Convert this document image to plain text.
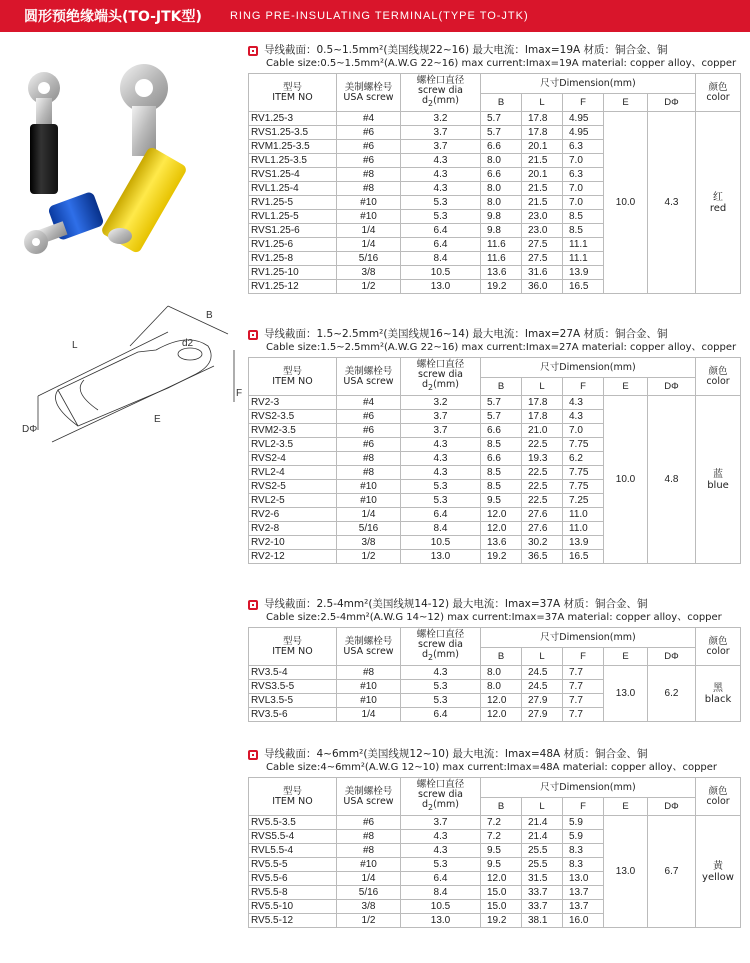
圆形预绝缘端头(TO-JTK型)	RING PRE-INSULATING TERMINAL(TYPE TO-JTK)
B
d2
L
F
E
DΦ
导线截面：0.5~1.5mm²(美国线规22~16) 最大电流：Imax=19A 材质：铜合金、铜
Cable size:0.5~1.5mm²(A.W.G 22~16) max current:Imax=19A material: copper alloy、copper
型号
ITEM NO	美制螺栓号
USA screw	螺栓口直径
screw dia
$d_2(mm)$	尺寸Dimension(mm)					颜色
color
			B	L	F	E	DΦ	
RV1.25-3	#4	3.2	5.7	17.8	4.95	10.0	4.3	红
red
RVS1.25-3.5	#6	3.7	5.7	17.8	4.95			
RVM1.25-3.5	#6	3.7	6.6	20.1	6.3			
RVL1.25-3.5	#6	4.3	8.0	21.5	7.0			
RVS1.25-4	#8	4.3	6.6	20.1	6.3			
RVL1.25-4	#8	4.3	8.0	21.5	7.0			
RV1.25-5	#10	5.3	8.0	21.5	7.0			
RVL1.25-5	#10	5.3	9.8	23.0	8.5			
RVS1.25-6	1/4	6.4	9.8	23.0	8.5			
RV1.25-6	1/4	6.4	11.6	27.5	11.1			
RV1.25-8	5/16	8.4	11.6	27.5	11.1			
RV1.25-10	3/8	10.5	13.6	31.6	13.9			
RV1.25-12	1/2	13.0	19.2	36.0	16.5			
导线截面：1.5~2.5mm²(美国线规16~14) 最大电流：Imax=27A 材质：铜合金、铜
Cable size:1.5~2.5mm²(A.W.G 22~16) max current:Imax=27A material: copper alloy、copper
型号
ITEM NO	美制螺栓号
USA screw	螺栓口直径
screw dia
$d_2(mm)$	尺寸Dimension(mm)					颜色
color
			B	L	F	E	DΦ	
RV2-3	#4	3.2	5.7	17.8	4.3	10.0	4.8	蓝
blue
RVS2-3.5	#6	3.7	5.7	17.8	4.3			
RVM2-3.5	#6	3.7	6.6	21.0	7.0			
RVL2-3.5	#6	4.3	8.5	22.5	7.75			
RVS2-4	#8	4.3	6.6	19.3	6.2			
RVL2-4	#8	4.3	8.5	22.5	7.75			
RVS2-5	#10	5.3	8.5	22.5	7.75			
RVL2-5	#10	5.3	9.5	22.5	7.25			
RV2-6	1/4	6.4	12.0	27.6	11.0			
RV2-8	5/16	8.4	12.0	27.6	11.0			
RV2-10	3/8	10.5	13.6	30.2	13.9			
RV2-12	1/2	13.0	19.2	36.5	16.5			
导线截面：2.5-4mm²(美国线规14-12) 最大电流：Imax=37A 材质：铜合金、铜
Cable size:2.5-4mm²(A.W.G 14~12) max current:Imax=37A material: copper alloy、copper
型号
ITEM NO	美制螺栓号
USA screw	螺栓口直径
screw dia
$d_2(mm)$	尺寸Dimension(mm)					颜色
color
			B	L	F	E	DΦ	
RV3.5-4	#8	4.3	8.0	24.5	7.7	13.0	6.2	黑
black
RVS3.5-5	#10	5.3	8.0	24.5	7.7			
RVL3.5-5	#10	5.3	12.0	27.9	7.7			
RV3.5-6	1/4	6.4	12.0	27.9	7.7			
导线截面：4~6mm²(美国线规12~10) 最大电流：Imax=48A 材质：铜合金、铜
Cable size:4~6mm²(A.W.G 12~10) max current:Imax=48A material: copper alloy、copper
型号
ITEM NO	美制螺栓号
USA screw	螺栓口直径
screw dia
$d_2(mm)$	尺寸Dimension(mm)					颜色
color
			B	L	F	E	DΦ	
RV5.5-3.5	#6	3.7	7.2	21.4	5.9	13.0	6.7	黄
yellow
RVS5.5-4	#8	4.3	7.2	21.4	5.9			
RVL5.5-4	#8	4.3	9.5	25.5	8.3			
RV5.5-5	#10	5.3	9.5	25.5	8.3			
RV5.5-6	1/4	6.4	12.0	31.5	13.0			
RV5.5-8	5/16	8.4	15.0	33.7	13.7			
RV5.5-10	3/8	10.5	15.0	33.7	13.7			
RV5.5-12	1/2	13.0	19.2	38.1	16.0			
